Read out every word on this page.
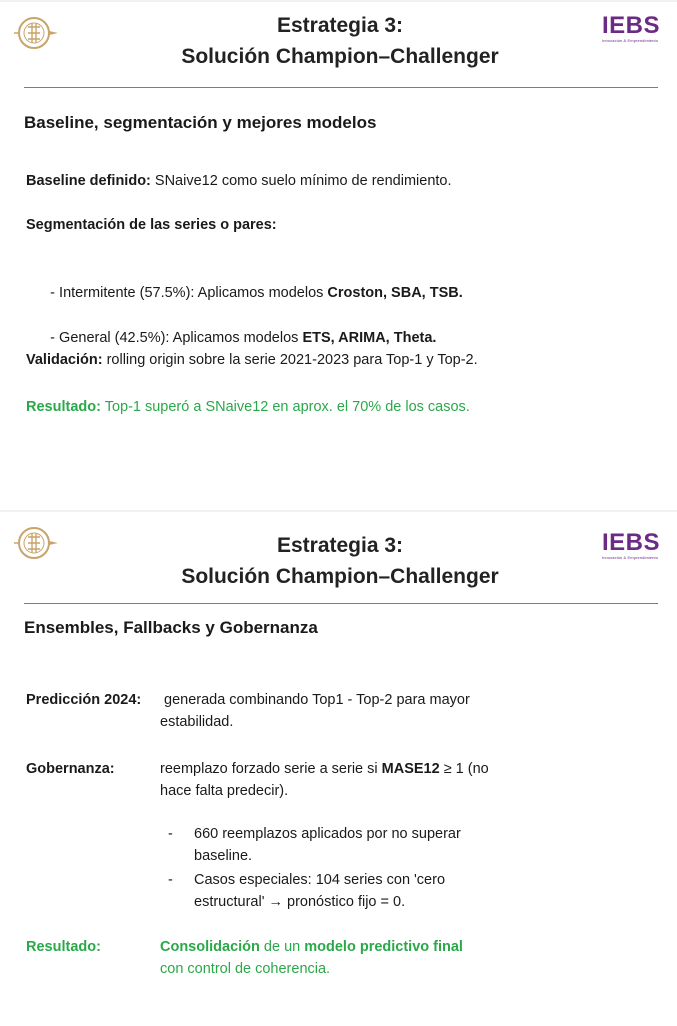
IEBS
Innovación & Emprendimiento
Estrategia 3:
Solución Champion–Challenger
Baseline, segmentación y mejores modelos
Baseline definido: SNaive12 como suelo mínimo de rendimiento.
Segmentación de las series o pares:

- Intermitente (57.5%): Aplicamos modelos Croston, SBA, TSB.

- General (42.5%): Aplicamos modelos ETS, ARIMA, Theta.

Validación: rolling origin sobre la serie 2021-2023 para Top-1 y Top-2.
Resultado: Top-1 superó a SNaive12 en aprox. el 70% de los casos.
IEBS
Innovación & Emprendimiento
Estrategia 3:
Solución Champion–Challenger
Ensembles, Fallbacks y Gobernanza
Predicción 2024: generada combinando Top1 - Top-2 para mayor
estabilidad.
Gobernanza:	reemplazo forzado serie a serie si MASE12 ≥ 1 (no
hace falta predecir).
- 660 reemplazos aplicados por no superar
baseline.
- Casos especiales: 104 series con 'cero
estructural' → pronóstico fijo = 0.
Resultado:	Consolidación de un modelo predictivo final
con control de coherencia.
